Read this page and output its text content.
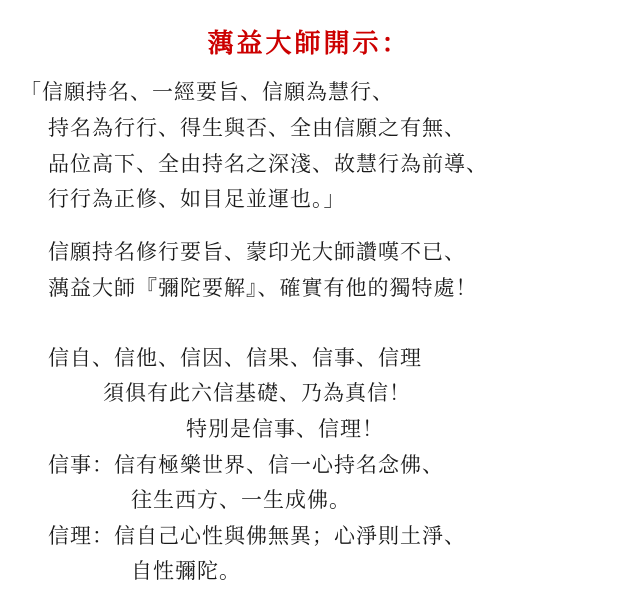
蕅益大師開示：
「信願持名、一經要旨、信願為慧行、
持名為行行、得生與否、全由信願之有無、
品位高下、全由持名之深淺、故慧行為前導、
行行為正修、如目足並運也。」
信願持名修行要旨、蒙印光大師讚嘆不已、
蕅益大師『彌陀要解』、確實有他的獨特處！
信自、信他、信因、信果、信事、信理
須俱有此六信基礎、乃為真信！
特別是信事、信理！
信事：信有極樂世界、信一心持名念佛、
往生西方、一生成佛。
信理：信自己心性與佛無異；心淨則土淨、
自性彌陀。
